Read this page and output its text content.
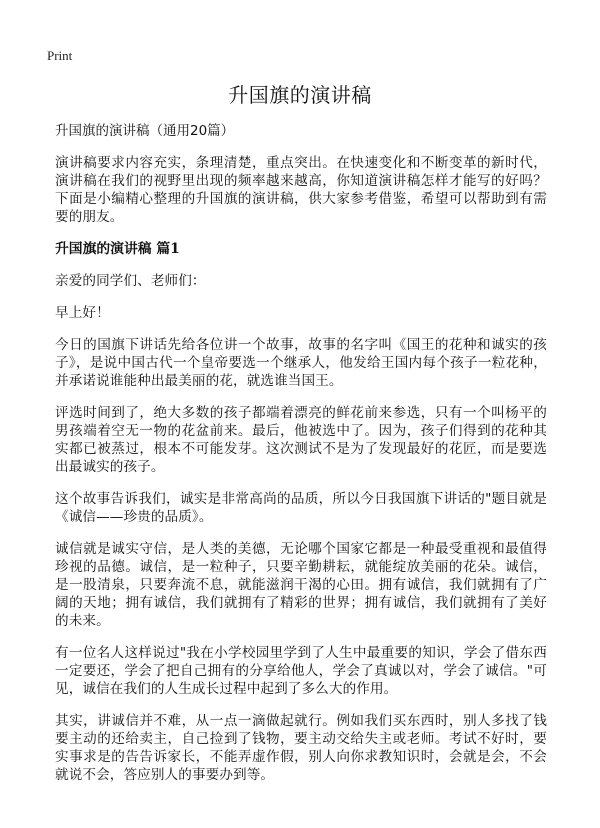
Print
升国旗的演讲稿
升国旗的演讲稿（通用20篇）

演讲稿要求内容充实，条理清楚，重点突出。在快速变化和不断变革的新时代，演讲稿在我们的视野里出现的频率越来越高，你知道演讲稿怎样才能写的好吗？下面是小编精心整理的升国旗的演讲稿，供大家参考借鉴，希望可以帮助到有需要的朋友。

升国旗的演讲稿 篇1

亲爱的同学们、老师们：

早上好！

今日的国旗下讲话先给各位讲一个故事，故事的名字叫《国王的花种和诚实的孩子》，是说中国古代一个皇帝要选一个继承人，他发给王国内每个孩子一粒花种，并承诺说谁能种出最美丽的花，就选谁当国王。

评选时间到了，绝大多数的孩子都端着漂亮的鲜花前来参选，只有一个叫杨平的男孩端着空无一物的花盆前来。最后，他被选中了。因为，孩子们得到的花种其实都已被蒸过，根本不可能发芽。这次测试不是为了发现最好的花匠，而是要选出最诚实的孩子。

这个故事告诉我们，诚实是非常高尚的品质，所以今日我国旗下讲话的"题目就是《诚信——珍贵的品质》。

诚信就是诚实守信，是人类的美德，无论哪个国家它都是一种最受重视和最值得珍视的品德。诚信，是一粒种子，只要辛勤耕耘，就能绽放美丽的花朵。诚信，是一股清泉，只要奔流不息，就能滋润干渴的心田。拥有诚信，我们就拥有了广阔的天地；拥有诚信，我们就拥有了精彩的世界；拥有诚信，我们就拥有了美好的未来。

有一位名人这样说过"我在小学校园里学到了人生中最重要的知识，学会了借东西一定要还，学会了把自己拥有的分享给他人，学会了真诚以对，学会了诚信。"可见，诚信在我们的人生成长过程中起到了多么大的作用。

其实，讲诚信并不难，从一点一滴做起就行。例如我们买东西时，别人多找了钱要主动的还给卖主，自己捡到了钱物，要主动交给失主或老师。考试不好时，要实事求是的告告诉家长，不能弄虚作假，别人向你求教知识时，会就是会，不会就说不会，答应别人的事要办到等。
